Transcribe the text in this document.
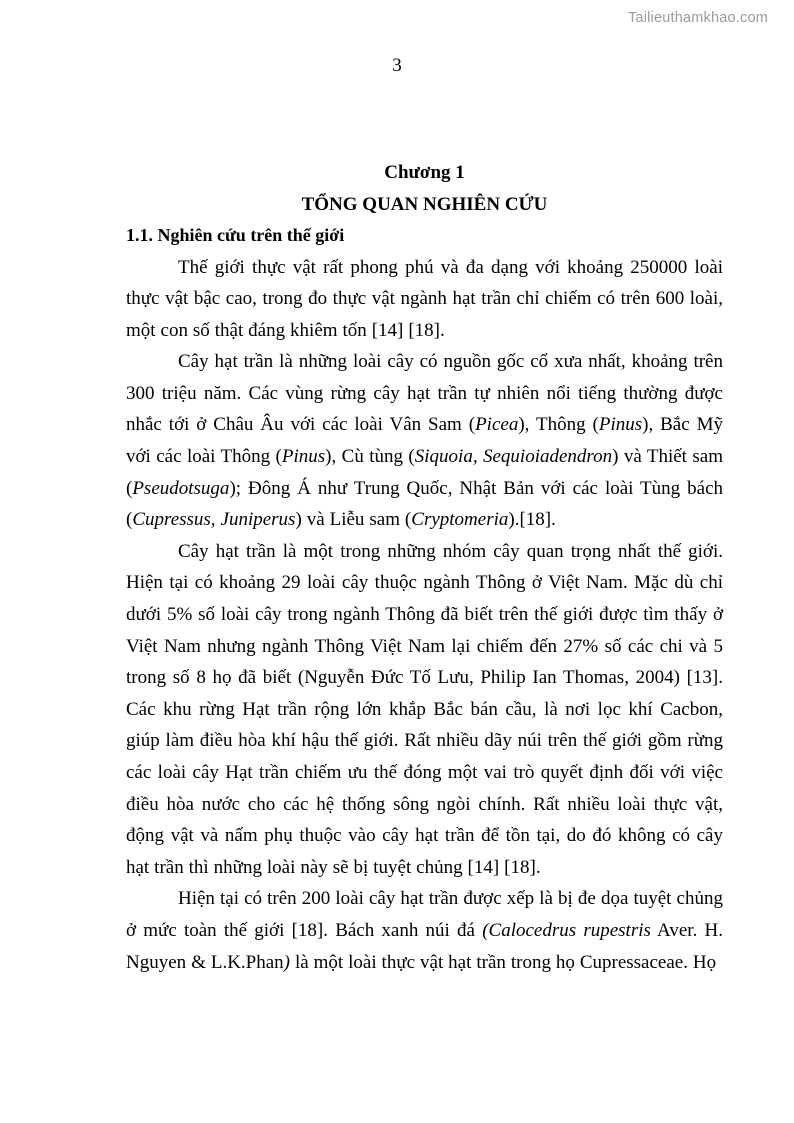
Tailieuthamkhao.com
3
Chương 1
TỔNG QUAN NGHIÊN CỨU
1.1. Nghiên cứu trên thế giới

Thế giới thực vật rất phong phú và đa dạng với khoảng 250000 loài thực vật bậc cao, trong đo thực vật ngành hạt trần chỉ chiếm có trên 600 loài, một con số thật đáng khiêm tốn [14] [18].

Cây hạt trần là những loài cây có nguồn gốc cổ xưa nhất, khoảng trên 300 triệu năm. Các vùng rừng cây hạt trần tự nhiên nổi tiếng thường được nhắc tới ở Châu Âu với các loài Vân Sam (Picea), Thông (Pinus), Bắc Mỹ với các loài Thông (Pinus), Cù tùng (Siquoia, Sequioiadendron) và Thiết sam (Pseudotsuga); Đông Á như Trung Quốc, Nhật Bản với các loài Tùng bách (Cupressus, Juniperus) và Liễu sam (Cryptomeria).[18].

Cây hạt trần là một trong những nhóm cây quan trọng nhất thế giới. Hiện tại có khoảng 29 loài cây thuộc ngành Thông ở Việt Nam. Mặc dù chỉ dưới 5% số loài cây trong ngành Thông đã biết trên thế giới được tìm thấy ở Việt Nam nhưng ngành Thông Việt Nam lại chiếm đến 27% số các chi và 5 trong số 8 họ đã biết (Nguyễn Đức Tố Lưu, Philip Ian Thomas, 2004) [13]. Các khu rừng Hạt trần rộng lớn khắp Bắc bán cầu, là nơi lọc khí Cacbon, giúp làm điều hòa khí hậu thế giới. Rất nhiều dãy núi trên thế giới gồm rừng các loài cây Hạt trần chiếm ưu thế đóng một vai trò quyết định đối với việc điều hòa nước cho các hệ thống sông ngòi chính. Rất nhiều loài thực vật, động vật và nấm phụ thuộc vào cây hạt trần để tồn tại, do đó không có cây hạt trần thì những loài này sẽ bị tuyệt chủng [14] [18].

Hiện tại có trên 200 loài cây hạt trần được xếp là bị đe dọa tuyệt chủng ở mức toàn thế giới [18]. Bách xanh núi đá (Calocedrus rupestris Aver. H. Nguyen & L.K.Phan) là một loài thực vật hạt trần trong họ Cupressaceae. Họ
